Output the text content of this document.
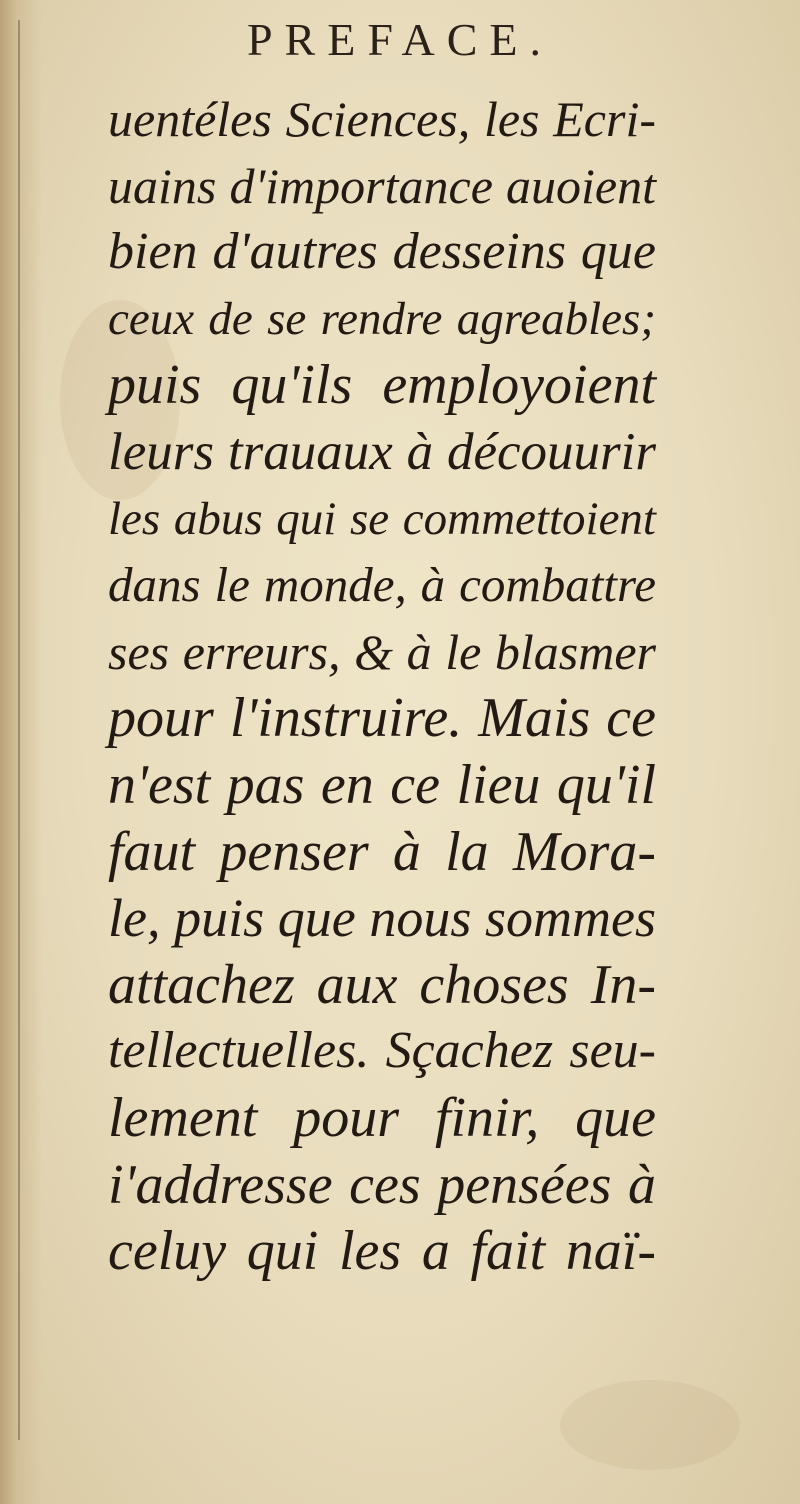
PREFACE.
uentéles Sciences, les Ecri-
uains d'importance auoient
bien d'autres desseins que
ceux de se rendre agreables;
puis qu'ils employoient
leurs trauaux à découurir
les abus qui se commettoient
dans le monde, à combattre
ses erreurs, & à le blasmer
pour l'instruire. Mais ce
n'est pas en ce lieu qu'il
faut penser à la Mora-
le, puis que nous sommes
attachez aux choses In-
tellectuelles. Sçachez seu-
lement pour finir, que
i'addresse ces pensées à
celuy qui les a fait naï-
